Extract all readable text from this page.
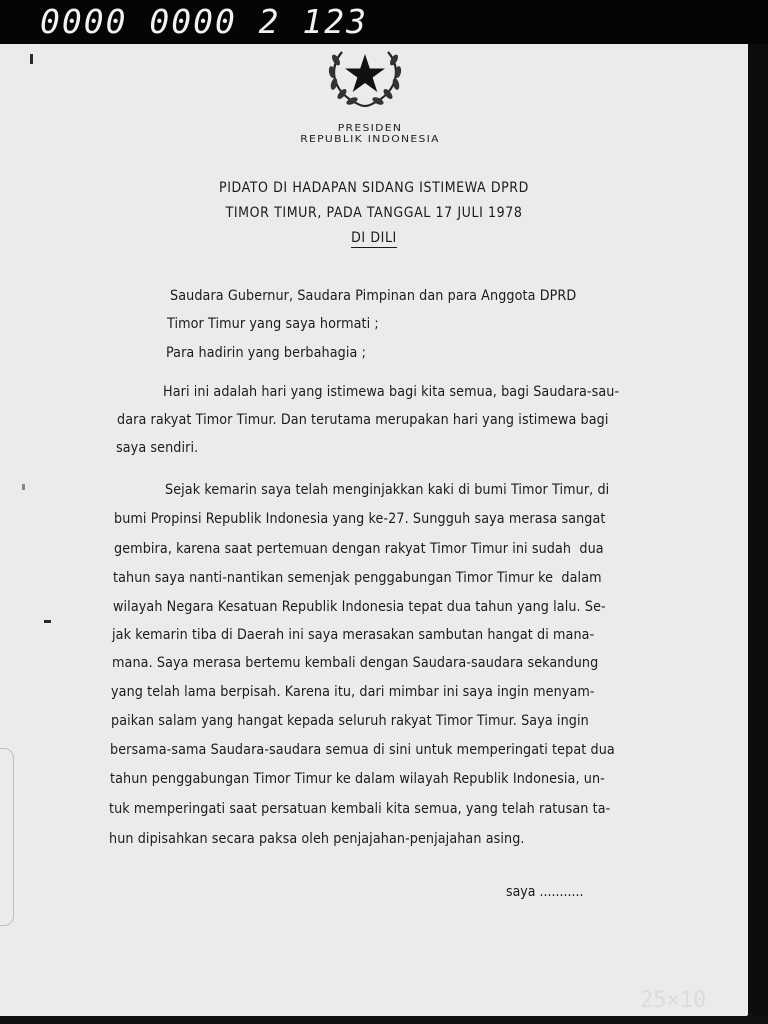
0000 0000 2 123
PRESIDEN
REPUBLIK INDONESIA
PIDATO DI HADAPAN SIDANG ISTIMEWA DPRD
TIMOR TIMUR, PADA TANGGAL 17 JULI 1978
DI DILI
Saudara Gubernur, Saudara Pimpinan dan para Anggota DPRD
Timor Timur yang saya hormati ;
Para hadirin yang berbahagia ;
Hari ini adalah hari yang istimewa bagi kita semua, bagi Saudara-sau-
dara rakyat Timor Timur. Dan terutama merupakan hari yang istimewa bagi
saya sendiri.
Sejak kemarin saya telah menginjakkan kaki di bumi Timor Timur, di
bumi Propinsi Republik Indonesia yang ke-27. Sungguh saya merasa sangat
gembira, karena saat pertemuan dengan rakyat Timor Timur ini sudah  dua
tahun saya nanti-nantikan semenjak penggabungan Timor Timur ke  dalam
wilayah Negara Kesatuan Republik Indonesia tepat dua tahun yang lalu. Se-
jak kemarin tiba di Daerah ini saya merasakan sambutan hangat di mana-
mana. Saya merasa bertemu kembali dengan Saudara-saudara sekandung
yang telah lama berpisah. Karena itu, dari mimbar ini saya ingin menyam-
paikan salam yang hangat kepada seluruh rakyat Timor Timur. Saya ingin
bersama-sama Saudara-saudara semua di sini untuk memperingati tepat dua
tahun penggabungan Timor Timur ke dalam wilayah Republik Indonesia, un-
tuk memperingati saat persatuan kembali kita semua, yang telah ratusan ta-
hun dipisahkan secara paksa oleh penjajahan-penjajahan asing.
saya ...........
25×10
